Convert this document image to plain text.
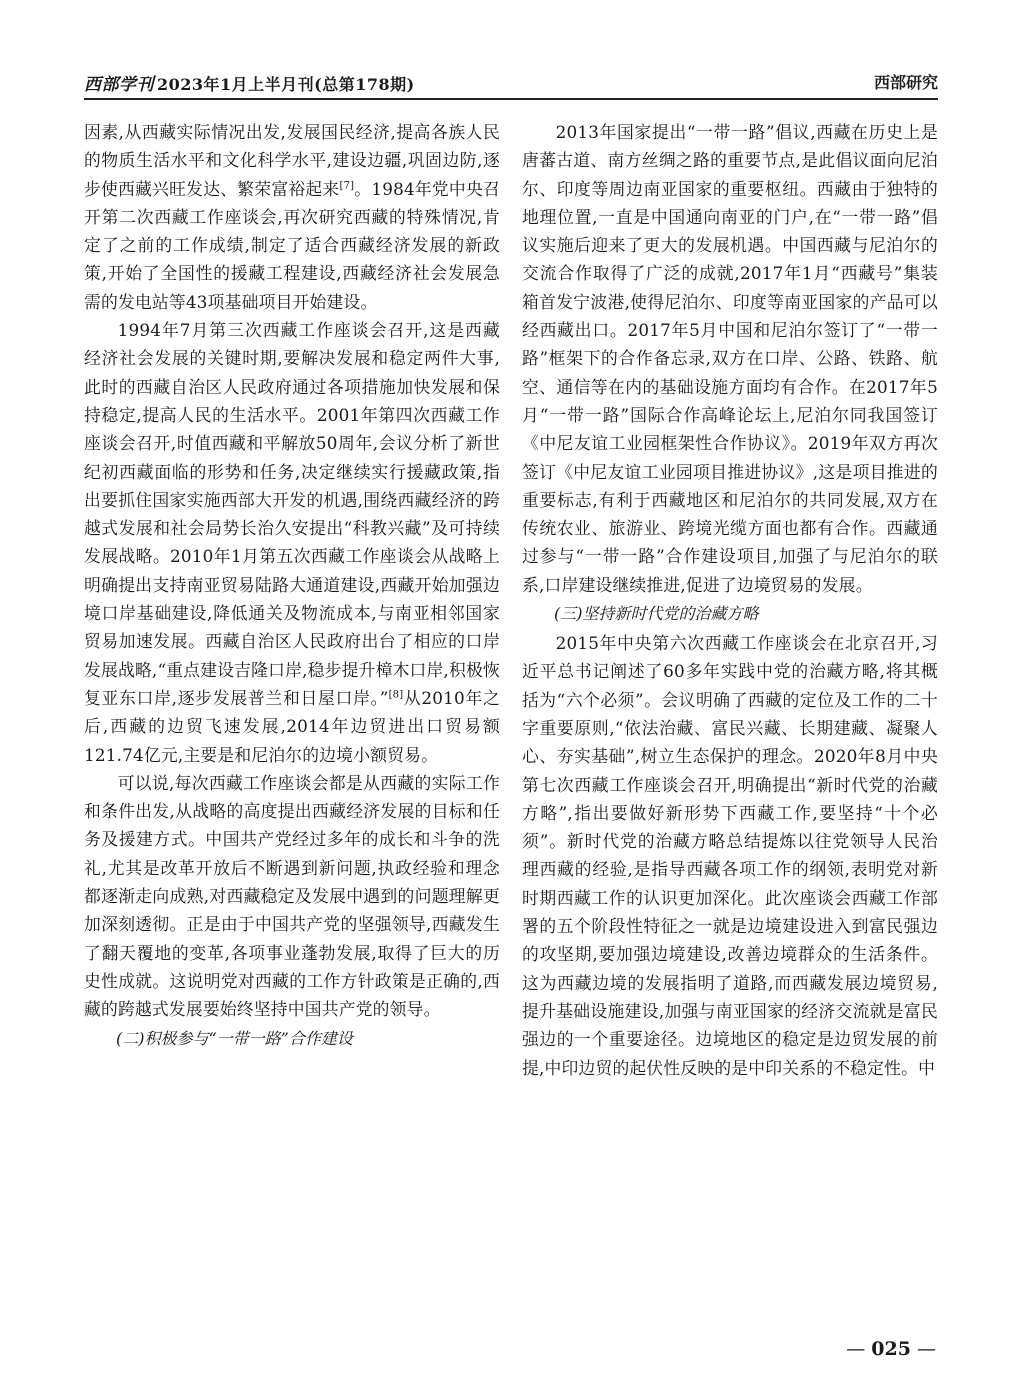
西部学刊 2023年1月上半月刊(总第178期)	西部研究

因素,从西藏实际情况出发,发展国民经济,提高各族人民的物质生活水平和文化科学水平,建设边疆,巩固边防,逐步使西藏兴旺发达、繁荣富裕起来[7]。1984年党中央召开第二次西藏工作座谈会,再次研究西藏的特殊情况,肯定了之前的工作成绩,制定了适合西藏经济发展的新政策,开始了全国性的援藏工程建设,西藏经济社会发展急需的发电站等43项基础项目开始建设。

1994年7月第三次西藏工作座谈会召开,这是西藏经济社会发展的关键时期,要解决发展和稳定两件大事,此时的西藏自治区人民政府通过各项措施加快发展和保持稳定,提高人民的生活水平。2001年第四次西藏工作座谈会召开,时值西藏和平解放50周年,会议分析了新世纪初西藏面临的形势和任务,决定继续实行援藏政策,指出要抓住国家实施西部大开发的机遇,围绕西藏经济的跨越式发展和社会局势长治久安提出“科教兴藏”及可持续发展战略。2010年1月第五次西藏工作座谈会从战略上明确提出支持南亚贸易陆路大通道建设,西藏开始加强边境口岸基础建设,降低通关及物流成本,与南亚相邻国家贸易加速发展。西藏自治区人民政府出台了相应的口岸发展战略,“重点建设吉隆口岸,稳步提升樟木口岸,积极恢复亚东口岸,逐步发展普兰和日屋口岸。”[8]从2010年之后,西藏的边贸飞速发展,2014年边贸进出口贸易额121.74亿元,主要是和尼泊尔的边境小额贸易。

可以说,每次西藏工作座谈会都是从西藏的实际工作和条件出发,从战略的高度提出西藏经济发展的目标和任务及援建方式。中国共产党经过多年的成长和斗争的洗礼,尤其是改革开放后不断遇到新问题,执政经验和理念都逐渐走向成熟,对西藏稳定及发展中遇到的问题理解更加深刻透彻。正是由于中国共产党的坚强领导,西藏发生了翻天覆地的变革,各项事业蓬勃发展,取得了巨大的历史性成就。这说明党对西藏的工作方针政策是正确的,西藏的跨越式发展要始终坚持中国共产党的领导。

(二)积极参与“一带一路”合作建设

2013年国家提出“一带一路”倡议,西藏在历史上是唐蕃古道、南方丝绸之路的重要节点,是此倡议面向尼泊尔、印度等周边南亚国家的重要枢纽。西藏由于独特的地理位置,一直是中国通向南亚的门户,在“一带一路”倡议实施后迎来了更大的发展机遇。中国西藏与尼泊尔的交流合作取得了广泛的成就,2017年1月“西藏号”集装箱首发宁波港,使得尼泊尔、印度等南亚国家的产品可以经西藏出口。2017年5月中国和尼泊尔签订了“一带一路”框架下的合作备忘录,双方在口岸、公路、铁路、航空、通信等在内的基础设施方面均有合作。在2017年5月“一带一路”国际合作高峰论坛上,尼泊尔同我国签订《中尼友谊工业园框架性合作协议》。2019年双方再次签订《中尼友谊工业园项目推进协议》,这是项目推进的重要标志,有利于西藏地区和尼泊尔的共同发展,双方在传统农业、旅游业、跨境光缆方面也都有合作。西藏通过参与“一带一路”合作建设项目,加强了与尼泊尔的联系,口岸建设继续推进,促进了边境贸易的发展。

(三)坚持新时代党的治藏方略

2015年中央第六次西藏工作座谈会在北京召开,习近平总书记阐述了60多年实践中党的治藏方略,将其概括为“六个必须”。会议明确了西藏的定位及工作的二十字重要原则,“依法治藏、富民兴藏、长期建藏、凝聚人心、夯实基础”,树立生态保护的理念。2020年8月中央第七次西藏工作座谈会召开,明确提出“新时代党的治藏方略”,指出要做好新形势下西藏工作,要坚持“十个必须”。新时代党的治藏方略总结提炼以往党领导人民治理西藏的经验,是指导西藏各项工作的纲领,表明党对新时期西藏工作的认识更加深化。此次座谈会西藏工作部署的五个阶段性特征之一就是边境建设进入到富民强边的攻坚期,要加强边境建设,改善边境群众的生活条件。这为西藏边境的发展指明了道路,而西藏发展边境贸易,提升基础设施建设,加强与南亚国家的经济交流就是富民强边的一个重要途径。边境地区的稳定是边贸发展的前提,中印边贸的起伏性反映的是中印关系的不稳定性。中

— 025 —
